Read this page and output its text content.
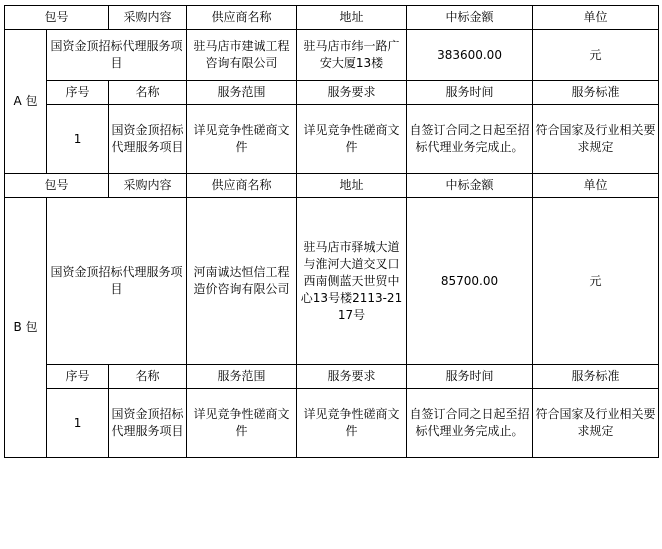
包号		采购内容	供应商名称	地址	中标金额	单位
A 包	国资金顶招标代理服务项目		驻马店市建诚工程咨询有限公司	驻马店市纬一路广安大厦13楼	383600.00	元
	序号	名称	服务范围	服务要求	服务时间	服务标准
	1	国资金顶招标代理服务项目	详见竞争性磋商文件	详见竞争性磋商文件	自签订合同之日起至招标代理业务完成止。	符合国家及行业相关要求规定
包号		采购内容	供应商名称	地址	中标金额	单位
B 包	国资金顶招标代理服务项目		河南诚达恒信工程造价咨询有限公司	驻马店市驿城大道与淮河大道交叉口西南侧蓝天世贸中心13号楼2113-2117号	85700.00	元
	序号	名称	服务范围	服务要求	服务时间	服务标准
	1	国资金顶招标代理服务项目	详见竞争性磋商文件	详见竞争性磋商文件	自签订合同之日起至招标代理业务完成止。	符合国家及行业相关要求规定
